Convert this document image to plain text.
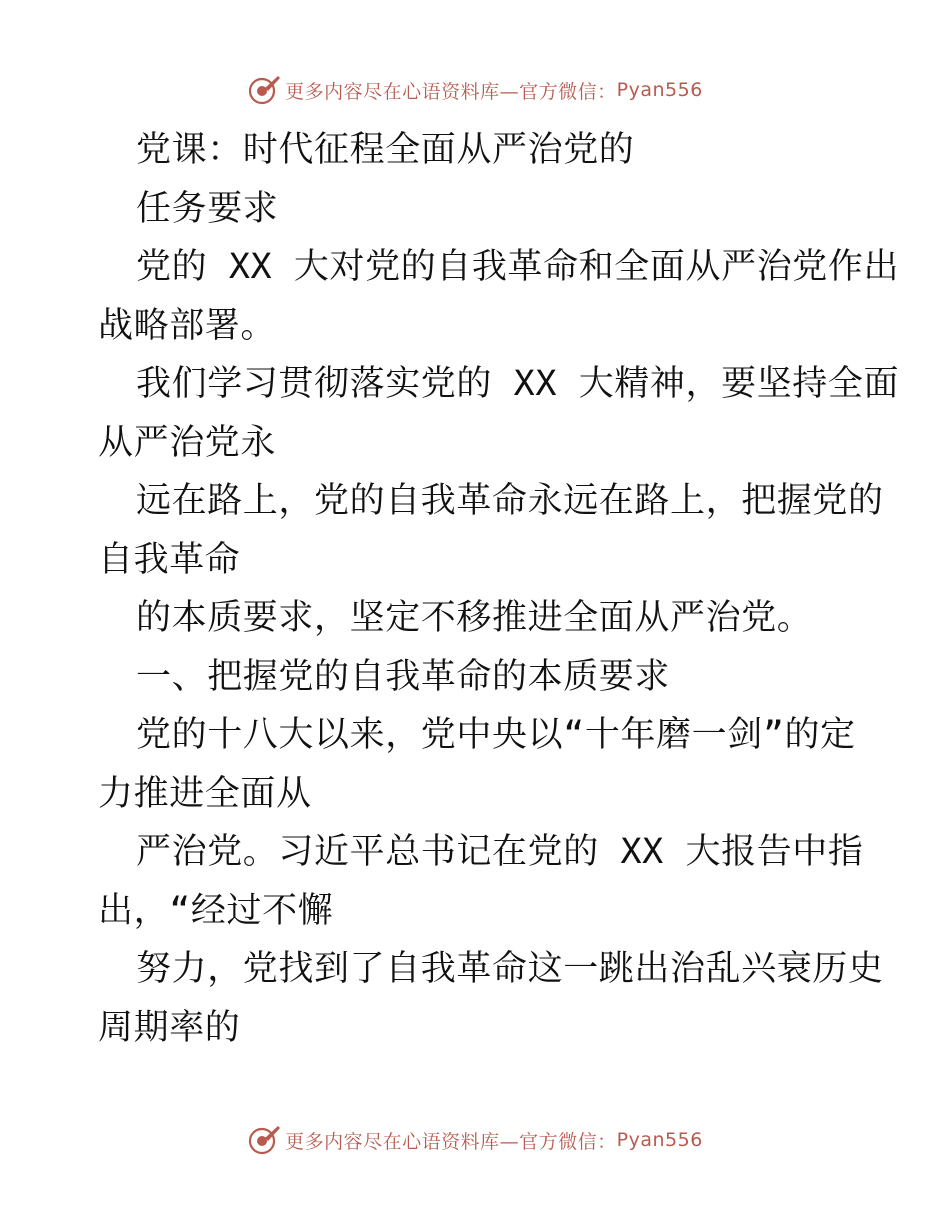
更多内容尽在心语资料库—官方微信： Pyan556
党课：时代征程全面从严治党的
任务要求
党的 XX 大对党的自我革命和全面从严治党作出
战略部署。
我们学习贯彻落实党的 XX 大精神，要坚持全面
从严治党永
远在路上，党的自我革命永远在路上，把握党的
自我革命
的本质要求，坚定不移推进全面从严治党。
一、把握党的自我革命的本质要求
党的十八大以来，党中央以“十年磨一剑”的定
力推进全面从
严治党。习近平总书记在党的 XX 大报告中指
出，“经过不懈
努力，党找到了自我革命这一跳出治乱兴衰历史
周期率的
更多内容尽在心语资料库—官方微信： Pyan556
